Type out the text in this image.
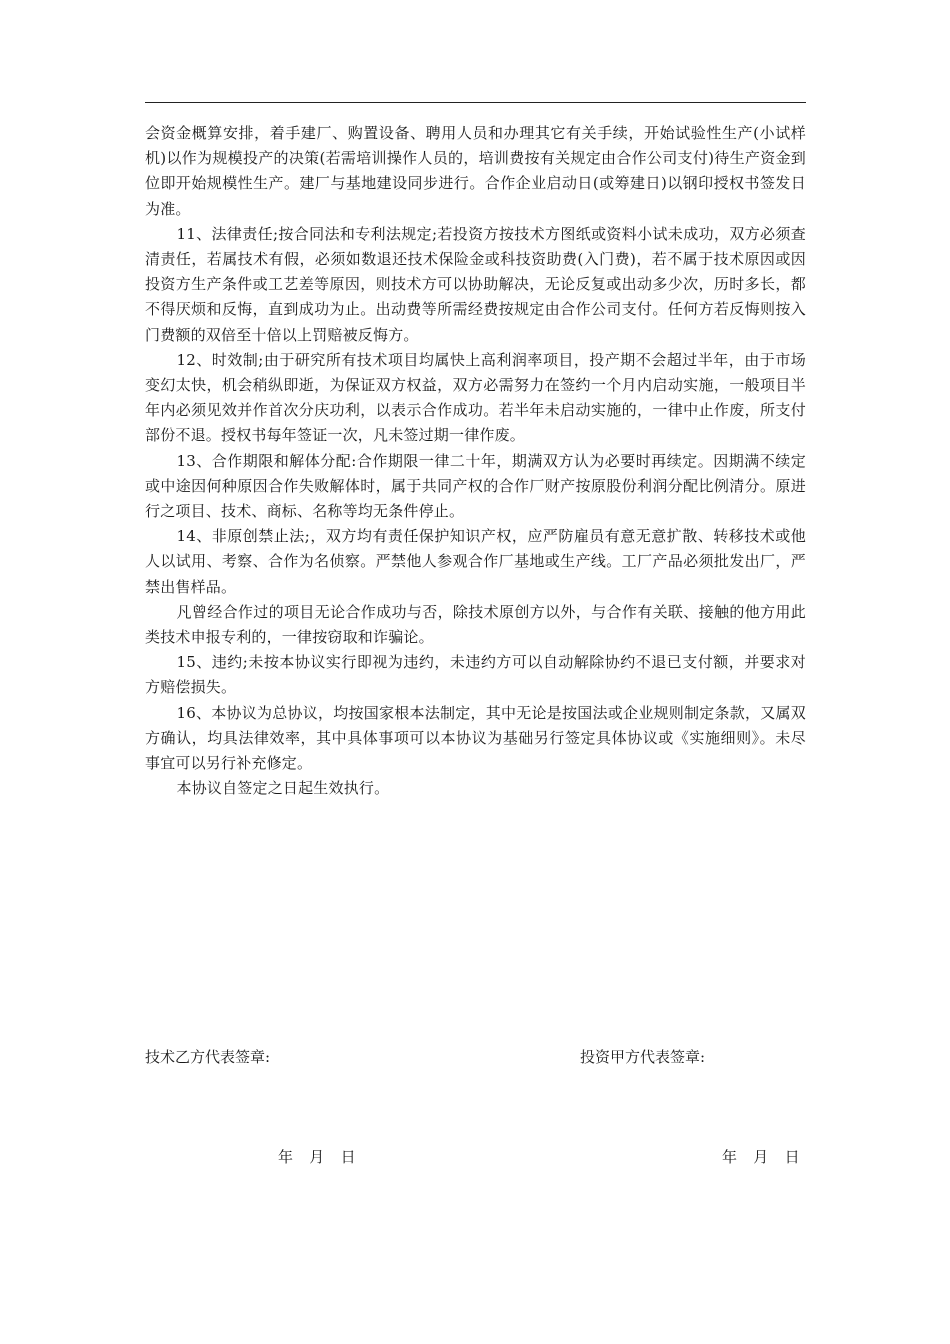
会资金概算安排，着手建厂、购置设备、聘用人员和办理其它有关手续，开始试验性生产(小试样机)以作为规模投产的决策(若需培训操作人员的，培训费按有关规定由合作公司支付)待生产资金到位即开始规模性生产。建厂与基地建设同步进行。合作企业启动日(或筹建日)以钢印授权书签发日为准。

11、法律责任;按合同法和专利法规定;若投资方按技术方图纸或资料小试未成功，双方必须查清责任，若属技术有假，必须如数退还技术保险金或科技资助费(入门费)，若不属于技术原因或因投资方生产条件或工艺差等原因，则技术方可以协助解决，无论反复或出动多少次，历时多长，都不得厌烦和反悔，直到成功为止。出动费等所需经费按规定由合作公司支付。任何方若反悔则按入门费额的双倍至十倍以上罚赔被反悔方。

12、时效制;由于研究所有技术项目均属快上高利润率项目，投产期不会超过半年，由于市场变幻太快，机会稍纵即逝，为保证双方权益，双方必需努力在签约一个月内启动实施，一般项目半年内必须见效并作首次分庆功利，以表示合作成功。若半年未启动实施的，一律中止作废，所支付部份不退。授权书每年签证一次，凡未签过期一律作废。

13、合作期限和解体分配:合作期限一律二十年，期满双方认为必要时再续定。因期满不续定或中途因何种原因合作失败解体时，属于共同产权的合作厂财产按原股份利润分配比例清分。原进行之项目、技术、商标、名称等均无条件停止。

14、非原创禁止法;，双方均有责任保护知识产权，应严防雇员有意无意扩散、转移技术或他人以试用、考察、合作为名侦察。严禁他人参观合作厂基地或生产线。工厂产品必须批发出厂，严禁出售样品。

凡曾经合作过的项目无论合作成功与否，除技术原创方以外，与合作有关联、接触的他方用此类技术申报专利的，一律按窃取和诈骗论。

15、违约;未按本协议实行即视为违约，未违约方可以自动解除协约不退已支付额，并要求对方赔偿损失。

16、本协议为总协议，均按国家根本法制定，其中无论是按国法或企业规则制定条款，又属双方确认，均具法律效率，其中具体事项可以本协议为基础另行签定具体协议或《实施细则》。未尽事宜可以另行补充修定。

本协议自签定之日起生效执行。

技术乙方代表签章:	投资甲方代表签章:
年   月   日	年   月   日
